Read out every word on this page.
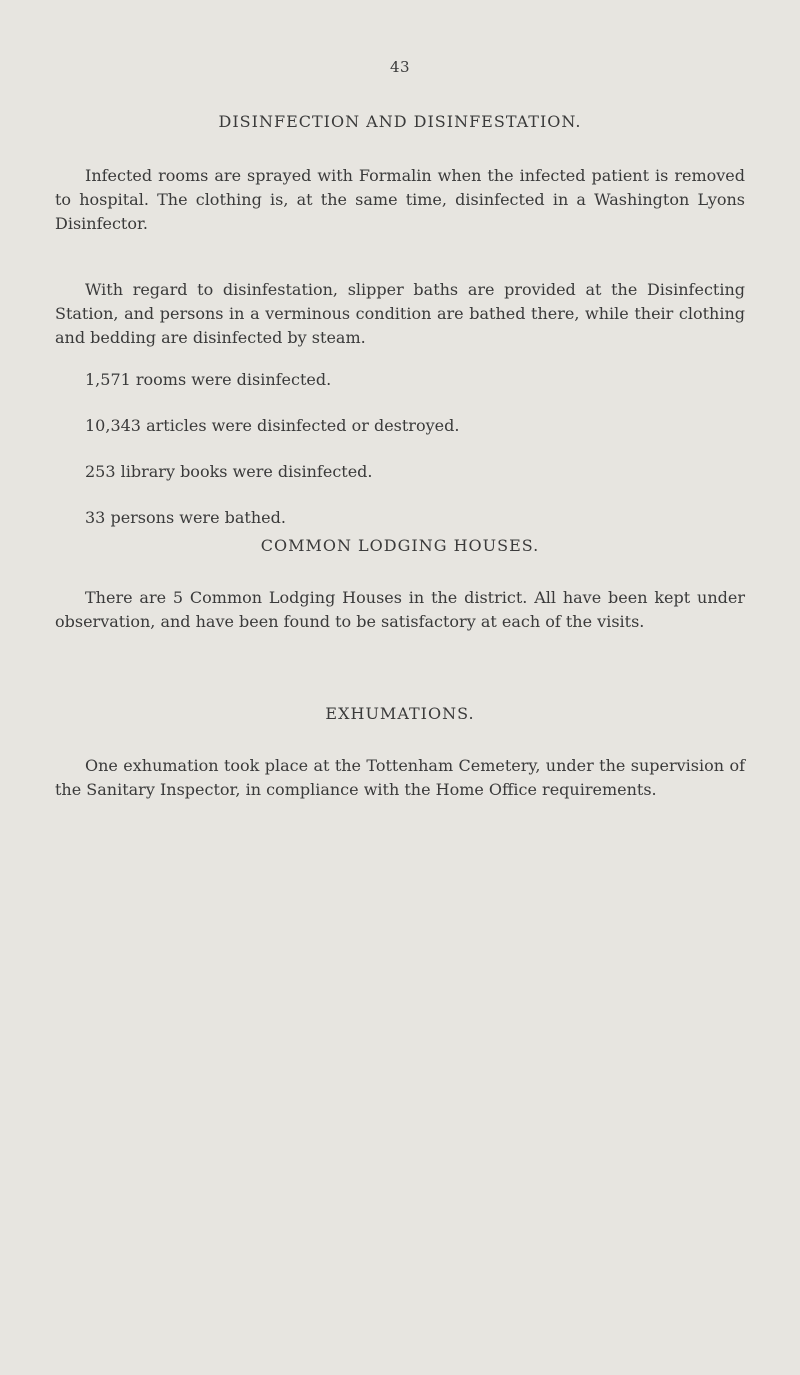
43
DISINFECTION AND DISINFESTATION.
Infected rooms are sprayed with Formalin when the infected patient is removed to hospital. The clothing is, at the same time, disinfected in a Washington Lyons Disinfector.
With regard to disinfestation, slipper baths are provided at the Disinfecting Station, and persons in a verminous condition are bathed there, while their clothing and bedding are disinfected by steam.
1,571 rooms were disinfected.
10,343 articles were disinfected or destroyed.
253 library books were disinfected.
33 persons were bathed.
COMMON LODGING HOUSES.
There are 5 Common Lodging Houses in the district. All have been kept under observation, and have been found to be satisfactory at each of the visits.
EXHUMATIONS.
One exhumation took place at the Tottenham Cemetery, under the supervision of the Sanitary Inspector, in compliance with the Home Office requirements.
